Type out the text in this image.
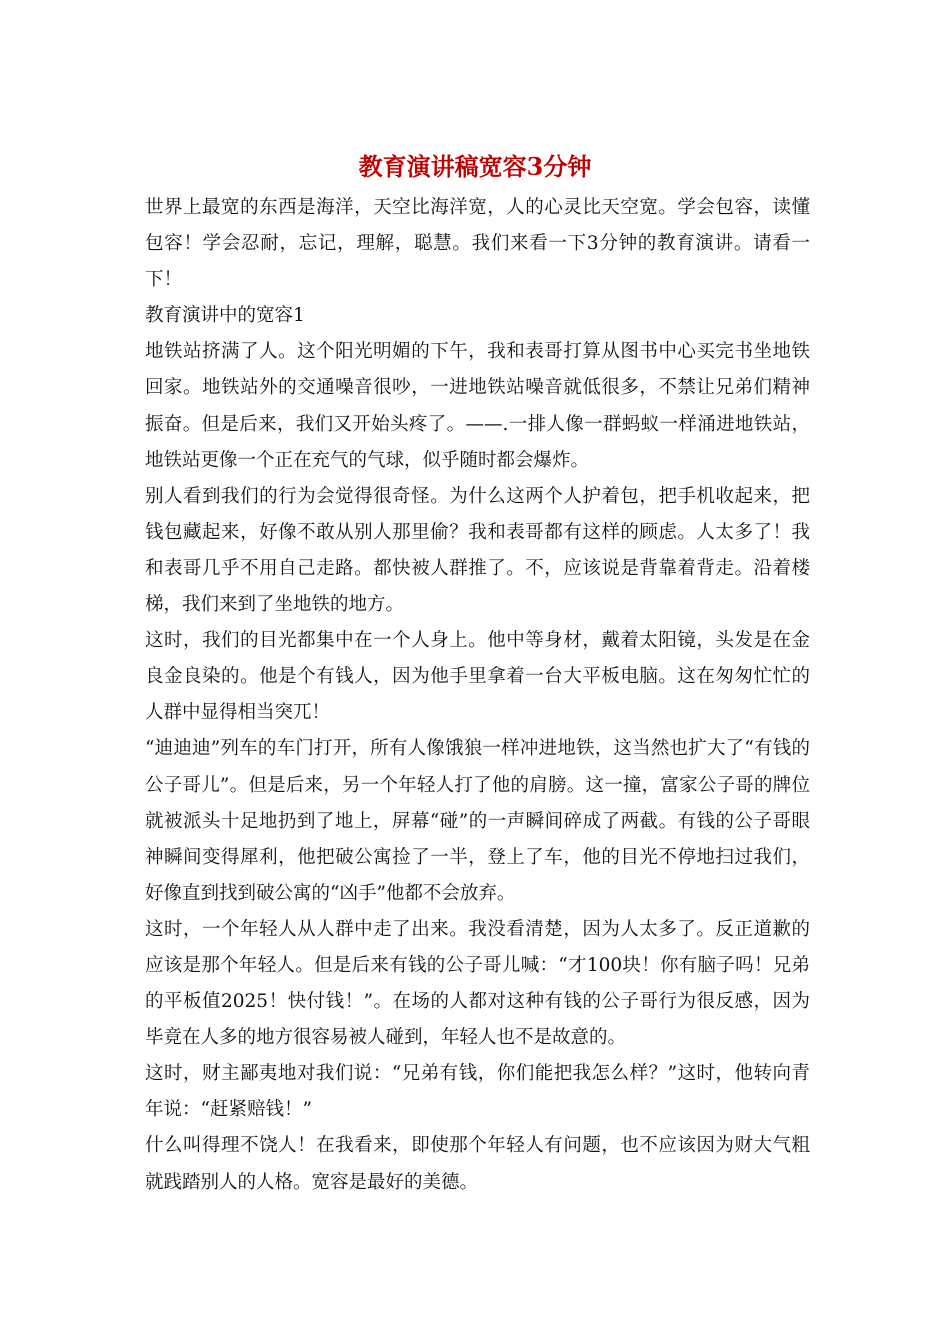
教育演讲稿宽容3分钟

世界上最宽的东西是海洋，天空比海洋宽，人的心灵比天空宽。学会包容，读懂包容！学会忍耐，忘记，理解，聪慧。我们来看一下3分钟的教育演讲。请看一下！

教育演讲中的宽容1

地铁站挤满了人。这个阳光明媚的下午，我和表哥打算从图书中心买完书坐地铁回家。地铁站外的交通噪音很吵，一进地铁站噪音就低很多，不禁让兄弟们精神振奋。但是后来，我们又开始头疼了。——.一排人像一群蚂蚁一样涌进地铁站，地铁站更像一个正在充气的气球，似乎随时都会爆炸。

别人看到我们的行为会觉得很奇怪。为什么这两个人护着包，把手机收起来，把钱包藏起来，好像不敢从别人那里偷？我和表哥都有这样的顾虑。人太多了！我和表哥几乎不用自己走路。都快被人群推了。不，应该说是背靠着背走。沿着楼梯，我们来到了坐地铁的地方。

这时，我们的目光都集中在一个人身上。他中等身材，戴着太阳镜，头发是在金良金良染的。他是个有钱人，因为他手里拿着一台大平板电脑。这在匆匆忙忙的人群中显得相当突兀！

“迪迪迪”列车的车门打开，所有人像饿狼一样冲进地铁，这当然也扩大了“有钱的公子哥儿”。但是后来，另一个年轻人打了他的肩膀。这一撞，富家公子哥的牌位就被派头十足地扔到了地上，屏幕“碰”的一声瞬间碎成了两截。有钱的公子哥眼神瞬间变得犀利，他把破公寓捡了一半，登上了车，他的目光不停地扫过我们，好像直到找到破公寓的“凶手”他都不会放弃。

这时，一个年轻人从人群中走了出来。我没看清楚，因为人太多了。反正道歉的应该是那个年轻人。但是后来有钱的公子哥儿喊：“才100块！你有脑子吗！兄弟的平板值2025！快付钱！”。在场的人都对这种有钱的公子哥行为很反感，因为毕竟在人多的地方很容易被人碰到，年轻人也不是故意的。

这时，财主鄙夷地对我们说：“兄弟有钱，你们能把我怎么样？”这时，他转向青年说：“赶紧赔钱！”

什么叫得理不饶人！在我看来，即使那个年轻人有问题，也不应该因为财大气粗就践踏别人的人格。宽容是最好的美德。
